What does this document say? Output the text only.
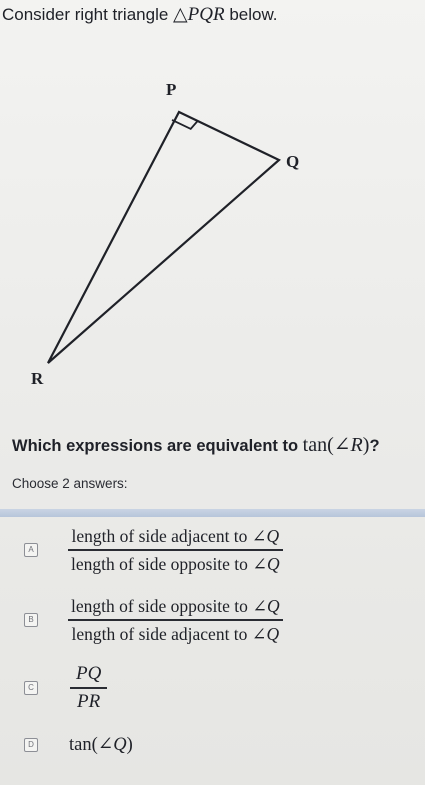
Consider right triangle △PQR below.
P
Q
R
Which expressions are equivalent to tan(∠R)?
Choose 2 answers:
A $\frac{\text{length of side adjacent to ∠Q}}{\text{length of side opposite to ∠Q}}$
B $\frac{\text{length of side opposite to ∠Q}}{\text{length of side adjacent to ∠Q}}$
C $\frac{PQ}{PR}$
D tan(∠Q)
